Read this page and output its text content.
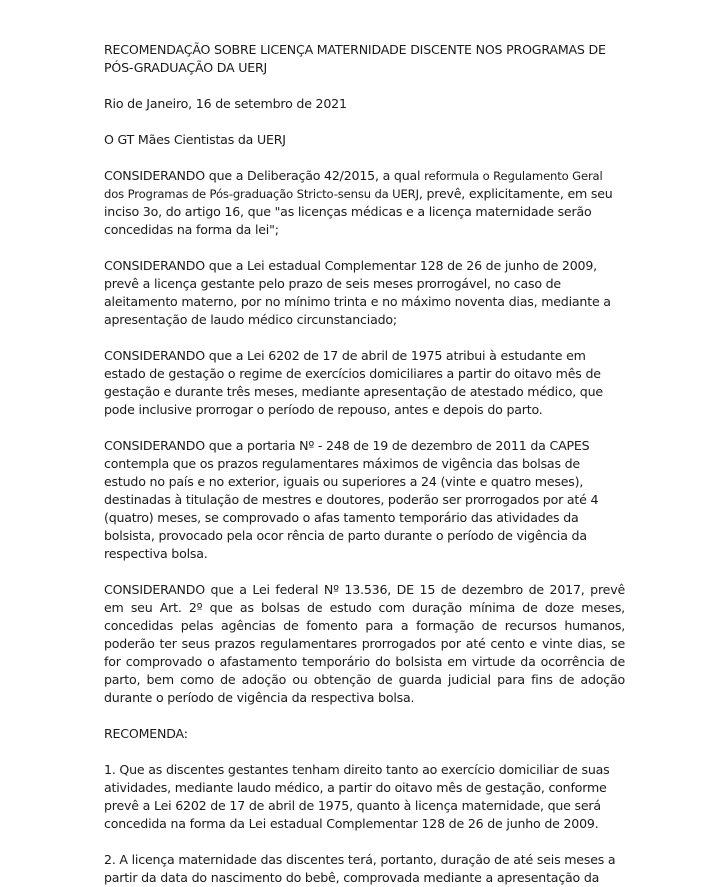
RECOMENDAÇÃO SOBRE LICENÇA MATERNIDADE DISCENTE NOS PROGRAMAS DE PÓS-GRADUAÇÃO DA UERJ

Rio de Janeiro, 16 de setembro de 2021

O GT Mães Cientistas da UERJ

CONSIDERANDO que a Deliberação 42/2015, a qual reformula o Regulamento Geral dos Programas de Pós-graduação Stricto-sensu da UERJ, prevê, explicitamente, em seu inciso 3o, do artigo 16, que "as licenças médicas e a licença maternidade serão concedidas na forma da lei";

CONSIDERANDO que a Lei estadual Complementar 128 de 26 de junho de 2009, prevê a licença gestante pelo prazo de seis meses prorrogável, no caso de aleitamento materno, por no mínimo trinta e no máximo noventa dias, mediante a apresentação de laudo médico circunstanciado;

CONSIDERANDO que a Lei 6202 de 17 de abril de 1975 atribui à estudante em estado de gestação o regime de exercícios domiciliares a partir do oitavo mês de gestação e durante três meses, mediante apresentação de atestado médico, que pode inclusive prorrogar o período de repouso, antes e depois do parto.

CONSIDERANDO que a portaria Nº - 248 de 19 de dezembro de 2011 da CAPES contempla que os prazos regulamentares máximos de vigência das bolsas de estudo no país e no exterior, iguais ou superiores a 24 (vinte e quatro meses), destinadas à titulação de mestres e doutores, poderão ser prorrogados por até 4 (quatro) meses, se comprovado o afas tamento temporário das atividades da bolsista, provocado pela ocor rência de parto durante o período de vigência da respectiva bolsa.

CONSIDERANDO que a Lei federal Nº 13.536, DE 15 de dezembro de 2017, prevê em seu Art. 2º que as bolsas de estudo com duração mínima de doze meses, concedidas pelas agências de fomento para a formação de recursos humanos, poderão ter seus prazos regulamentares prorrogados por até cento e vinte dias, se for comprovado o afastamento temporário do bolsista em virtude da ocorrência de parto, bem como de adoção ou obtenção de guarda judicial para fins de adoção durante o período de vigência da respectiva bolsa.

RECOMENDA:

1. Que as discentes gestantes tenham direito tanto ao exercício domiciliar de suas atividades, mediante laudo médico, a partir do oitavo mês de gestação, conforme prevê a Lei 6202 de 17 de abril de 1975, quanto à licença maternidade, que será concedida na forma da Lei estadual Complementar 128 de 26 de junho de 2009.

2. A licença maternidade das discentes terá, portanto, duração de até seis meses a partir da data do nascimento do bebê, comprovada mediante a apresentação da
